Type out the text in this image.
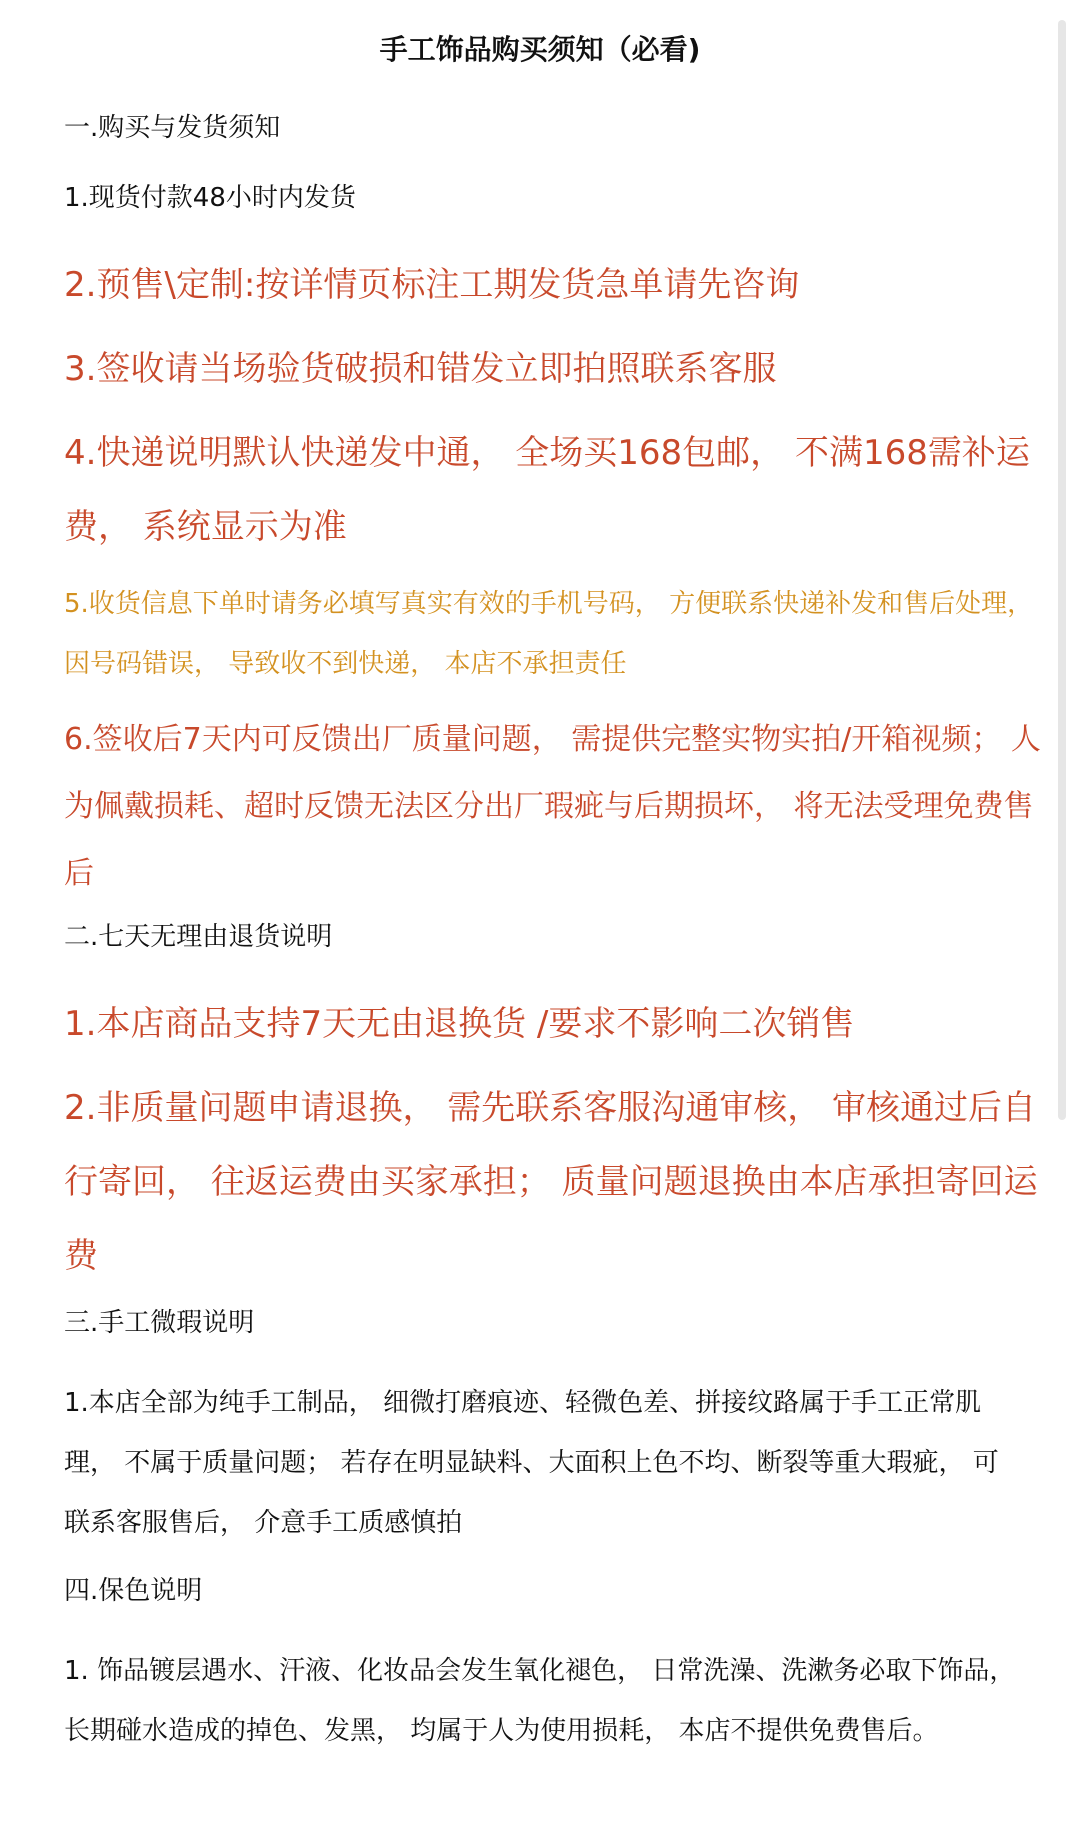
手工饰品购买须知（必看)
一.购买与发货须知
1.现货付款48小时内发货
2.预售\定制:按详情页标注工期发货急单请先咨询
3.签收请当场验货破损和错发立即拍照联系客服
4.快递说明默认快递发中通， 全场买168包邮， 不满168需补运费， 系统显示为准
5.收货信息下单时请务必填写真实有效的手机号码， 方便联系快递补发和售后处理， 因号码错误， 导致收不到快递， 本店不承担责任
6.签收后7天内可反馈出厂质量问题， 需提供完整实物实拍/开箱视频； 人为佩戴损耗、超时反馈无法区分出厂瑕疵与后期损坏， 将无法受理免费售后
二.七天无理由退货说明
1.本店商品支持7天无由退换货 /要求不影响二次销售
2.非质量问题申请退换， 需先联系客服沟通审核， 审核通过后自行寄回， 往返运费由买家承担； 质量问题退换由本店承担寄回运费
三.手工微瑕说明
1.本店全部为纯手工制品， 细微打磨痕迹、轻微色差、拼接纹路属于手工正常肌理， 不属于质量问题； 若存在明显缺料、大面积上色不均、断裂等重大瑕疵， 可联系客服售后， 介意手工质感慎拍
四.保色说明
1. 饰品镀层遇水、汗液、化妆品会发生氧化褪色， 日常洗澡、洗漱务必取下饰品， 长期碰水造成的掉色、发黑， 均属于人为使用损耗， 本店不提供免费售后。
